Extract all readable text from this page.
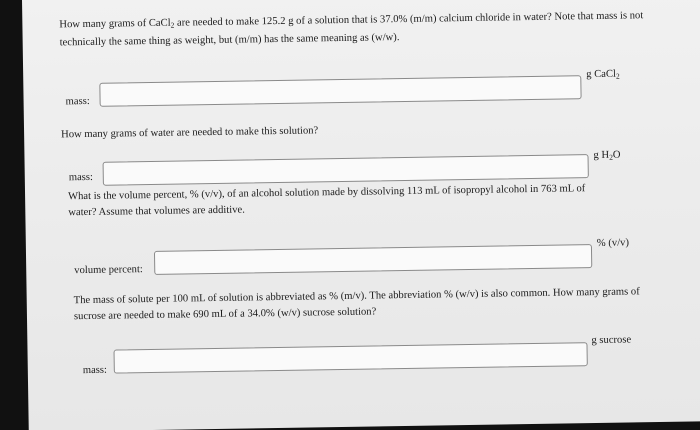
How many grams of CaCl$_2$ are needed to make 125.2 g of a solution that is 37.0% (m/m) calcium chloride in water? Note that mass is not technically the same thing as weight, but (m/m) has the same meaning as (w/w).

mass:
g CaCl$_2$

How many grams of water are needed to make this solution?

mass:
g $H_2O$

What is the volume percent, % (v/v), of an alcohol solution made by dissolving 113 mL of isopropyl alcohol in 763 mL of water? Assume that volumes are additive.

volume percent:
% (v/v)

The mass of solute per 100 mL of solution is abbreviated as % (m/v). The abbreviation % (w/v) is also common. How many grams of sucrose are needed to make 690 mL of a 34.0% (w/v) sucrose solution?

mass:
g sucrose
